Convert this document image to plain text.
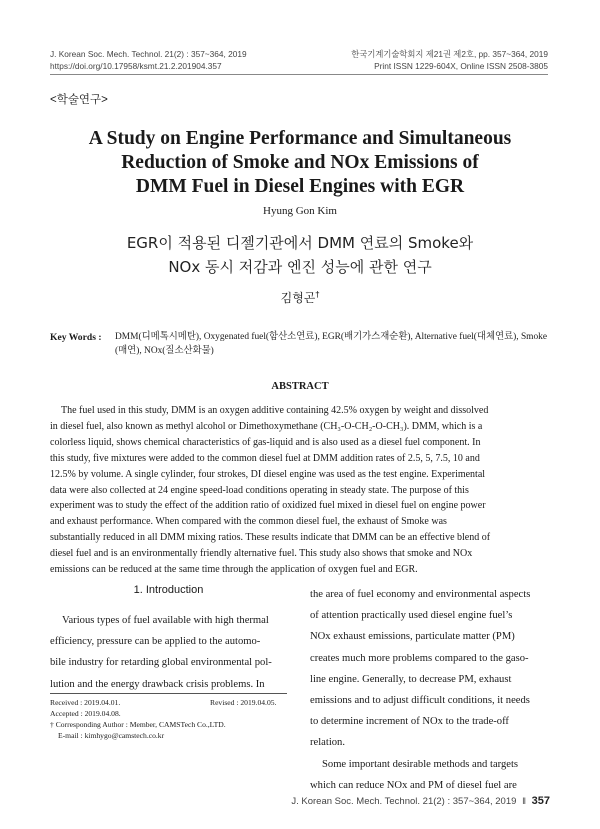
J. Korean Soc. Mech. Technol. 21(2) : 357~364, 2019
https://doi.org/10.17958/ksmt.21.2.201904.357
한국기계기술학회지 제21권 제2호, pp. 357~364, 2019
Print ISSN 1229-604X, Online ISSN 2508-3805
<학술연구>
A Study on Engine Performance and Simultaneous
Reduction of Smoke and NOx Emissions of
DMM Fuel in Diesel Engines with EGR
Hyung Gon Kim
EGR이 적용된 디젤기관에서 DMM 연료의 Smoke와
NOx 동시 저감과 엔진 성능에 관한 연구
김형곤†
Key Words : DMM(디메톡시메탄), Oxygenated fuel(함산소연료), EGR(배기가스재순환), Alternative fuel(대체연료), Smoke
(매연), NOx(질소산화물)
ABSTRACT
The fuel used in this study, DMM is an oxygen additive containing 42.5% oxygen by weight and dissolved
in diesel fuel, also known as methyl alcohol or Dimethoxymethane (CH₃-O-CH₂-O-CH₃). DMM, which is a
colorless liquid, shows chemical characteristics of gas-liquid and is also used as a diesel fuel component. In
this study, five mixtures were added to the common diesel fuel at DMM addition rates of 2.5, 5, 7.5, 10 and
12.5% by volume. A single cylinder, four strokes, DI diesel engine was used as the test engine. Experimental
data were also collected at 24 engine speed-load conditions operating in steady state. The purpose of this
experiment was to study the effect of the addition ratio of oxidized fuel mixed in diesel fuel on engine power
and exhaust performance. When compared with the common diesel fuel, the exhaust of Smoke was
substantially reduced in all DMM mixing ratios. These results indicate that DMM can be an effective blend of
diesel fuel and is an environmentally friendly alternative fuel. This study also shows that smoke and NOx
emissions can be reduced at the same time through the application of oxygen fuel and EGR.
1. Introduction
Various types of fuel available with high thermal
efficiency, pressure can be applied to the automo-
bile industry for retarding global environmental pol-
lution and the energy drawback crisis problems. In
Received : 2019.04.01.	Revised : 2019.04.05.
Accepted : 2019.04.08.
† Corresponding Author : Member, CAMSTech Co.,LTD.
E-mail : kimhygo@camstech.co.kr
the area of fuel economy and environmental aspects
of attention practically used diesel engine fuel’s
NOx exhaust emissions, particulate matter (PM)
creates much more problems compared to the gaso-
line engine. Generally, to decrease PM, exhaust
emissions and to adjust difficult conditions, it needs
to determine increment of NOx to the trade-off
relation.
Some important desirable methods and targets
which can reduce NOx and PM of diesel fuel are
J. Korean Soc. Mech. Technol. 21(2) : 357~364, 2019 ‖ 357
